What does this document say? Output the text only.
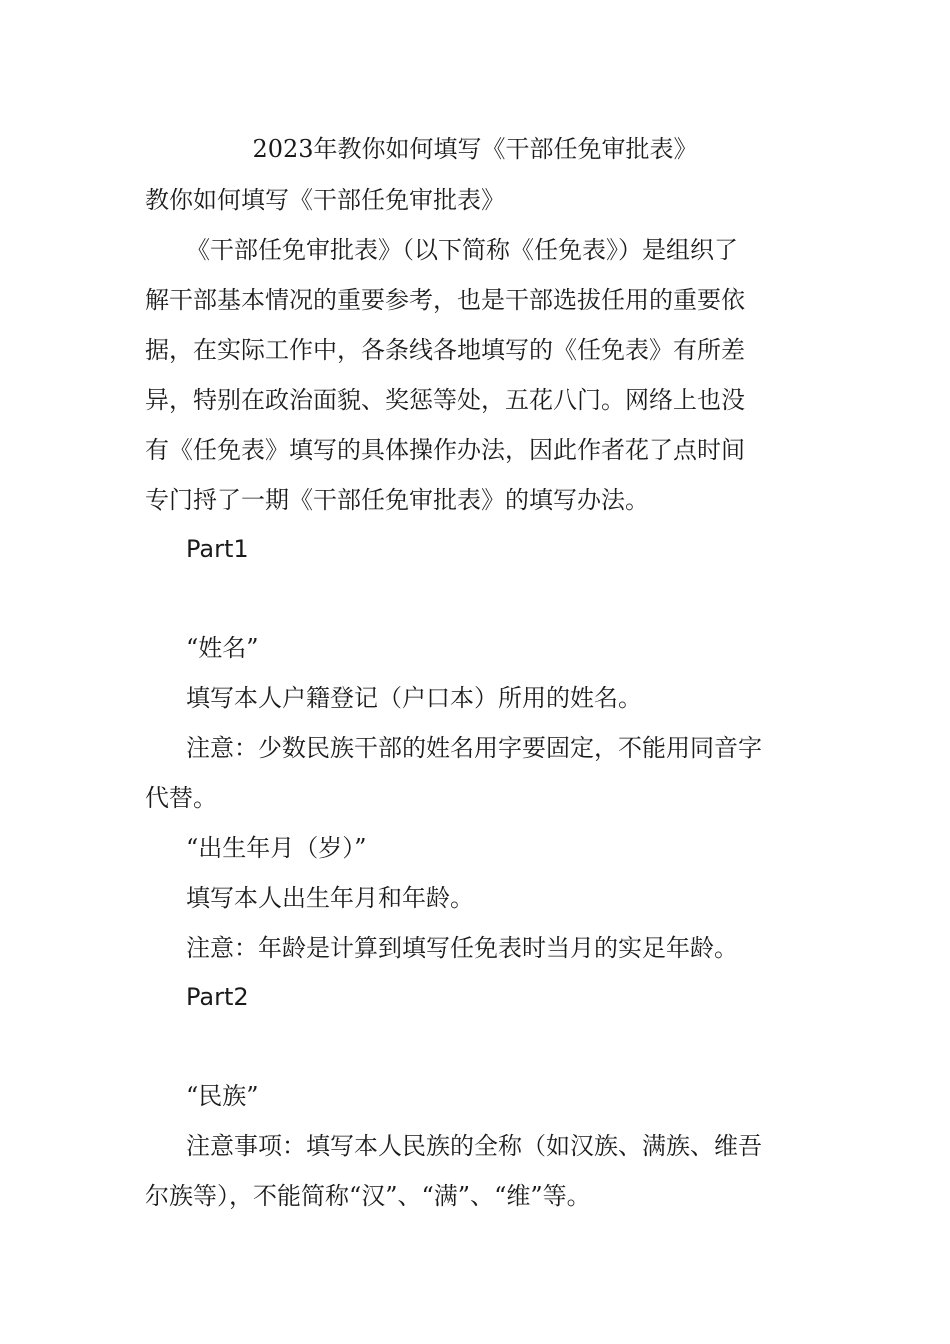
2023年教你如何填写《干部任免审批表》
教你如何填写《干部任免审批表》
《干部任免审批表》（以下简称《任免表》）是组织了
解干部基本情况的重要参考，也是干部选拔任用的重要依
据，在实际工作中，各条线各地填写的《任免表》有所差
异，特别在政治面貌、奖惩等处，五花八门。网络上也没
有《任免表》填写的具体操作办法，因此作者花了点时间
专门捋了一期《干部任免审批表》的填写办法。
Part1
“姓名”
填写本人户籍登记（户口本）所用的姓名。
注意：少数民族干部的姓名用字要固定，不能用同音字
代替。
“出生年月（岁）”
填写本人出生年月和年龄。
注意：年龄是计算到填写任免表时当月的实足年龄。
Part2
“民族”
注意事项：填写本人民族的全称（如汉族、满族、维吾
尔族等），不能简称“汉”、“满”、“维”等。
